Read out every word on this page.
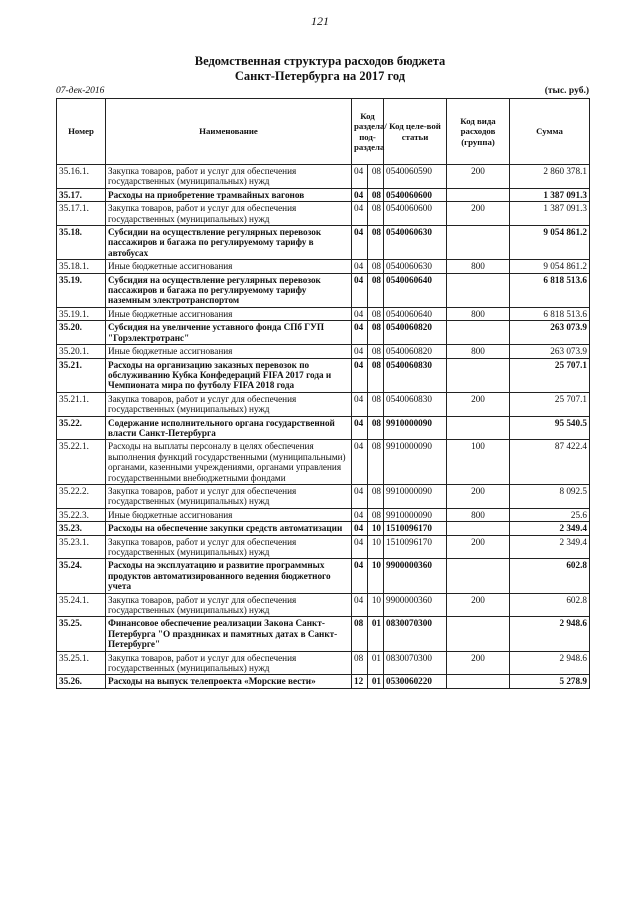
121
Ведомственная структура расходов бюджета
Санкт-Петербурга на 2017 год
07-дек-2016	(тыс. руб.)
Номер	Наименование	Код раздела/ под-раздела		Код целе-вой статьи	Код вида расходов (группа)	Сумма
35.16.1.	Закупка товаров, работ и услуг для обеспечения государственных (муниципальных) нужд	04	08	0540060590	200	2 860 378.1
35.17.	Расходы на приобретение трамвайных вагонов	04	08	0540060600		1 387 091.3
35.17.1.	Закупка товаров, работ и услуг для обеспечения государственных (муниципальных) нужд	04	08	0540060600	200	1 387 091.3
35.18.	Субсидии на осуществление регулярных перевозок пассажиров и багажа по регулируемому тарифу в автобусах	04	08	0540060630		9 054 861.2
35.18.1.	Иные бюджетные ассигнования	04	08	0540060630	800	9 054 861.2
35.19.	Субсидия на осуществление регулярных перевозок пассажиров и багажа по регулируемому тарифу наземным электротранспортом	04	08	0540060640		6 818 513.6
35.19.1.	Иные бюджетные ассигнования	04	08	0540060640	800	6 818 513.6
35.20.	Субсидия на увеличение уставного фонда СПб ГУП "Горэлектротранс"	04	08	0540060820		263 073.9
35.20.1.	Иные бюджетные ассигнования	04	08	0540060820	800	263 073.9
35.21.	Расходы на организацию заказных перевозок по обслуживанию Кубка Конфедераций FIFA 2017 года и Чемпионата мира по футболу FIFA 2018 года	04	08	0540060830		25 707.1
35.21.1.	Закупка товаров, работ и услуг для обеспечения государственных (муниципальных) нужд	04	08	0540060830	200	25 707.1
35.22.	Содержание исполнительного органа государственной власти Санкт-Петербурга	04	08	9910000090		95 540.5
35.22.1.	Расходы на выплаты персоналу в целях обеспечения выполнения функций государственными (муниципальными) органами, казенными учреждениями, органами управления государственными внебюджетными фондами	04	08	9910000090	100	87 422.4
35.22.2.	Закупка товаров, работ и услуг для обеспечения государственных (муниципальных) нужд	04	08	9910000090	200	8 092.5
35.22.3.	Иные бюджетные ассигнования	04	08	9910000090	800	25.6
35.23.	Расходы на обеспечение закупки средств автоматизации	04	10	1510096170		2 349.4
35.23.1.	Закупка товаров, работ и услуг для обеспечения государственных (муниципальных) нужд	04	10	1510096170	200	2 349.4
35.24.	Расходы на эксплуатацию и развитие программных продуктов автоматизированного ведения бюджетного учета	04	10	9900000360		602.8
35.24.1.	Закупка товаров, работ и услуг для обеспечения государственных (муниципальных) нужд	04	10	9900000360	200	602.8
35.25.	Финансовое обеспечение реализации Закона Санкт-Петербурга "О праздниках и памятных датах в Санкт-Петербурге"	08	01	0830070300		2 948.6
35.25.1.	Закупка товаров, работ и услуг для обеспечения государственных (муниципальных) нужд	08	01	0830070300	200	2 948.6
35.26.	Расходы на выпуск телепроекта «Морские вести»	12	01	0530060220		5 278.9
